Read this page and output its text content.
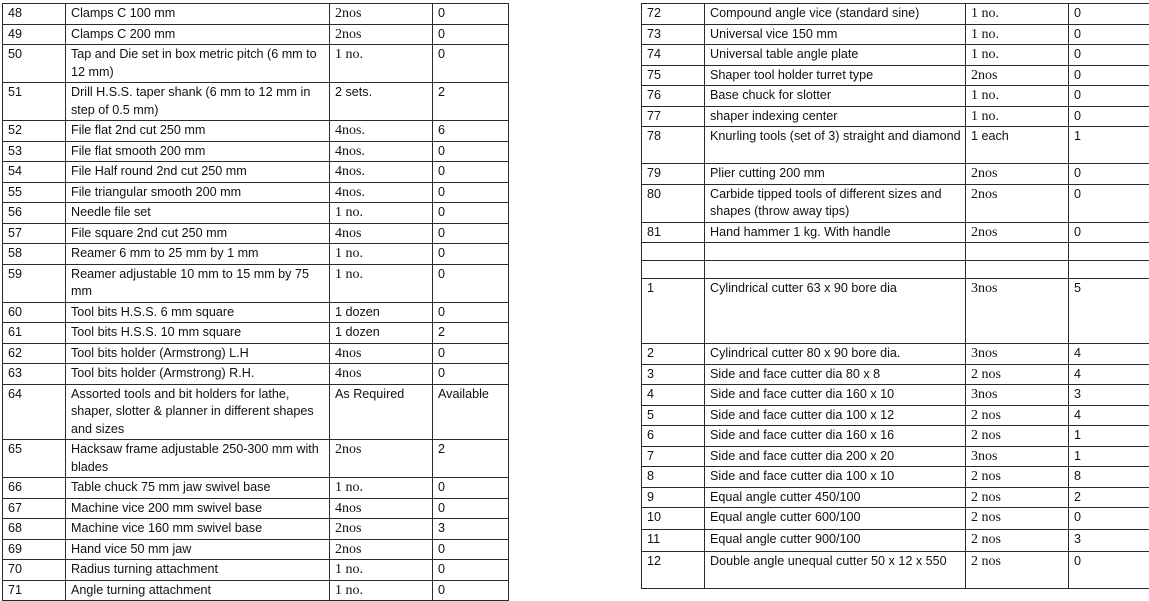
48	Clamps C 100 mm	2nos	0
49	Clamps C 200 mm	2nos	0
50	Tap and Die set in box metric pitch (6 mm to 12 mm)	1 no.	0
51	Drill H.S.S. taper shank (6 mm to 12 mm in step of 0.5 mm)	2 sets.	2
52	File flat 2nd cut 250 mm	4nos.	6
53	File flat smooth 200 mm	4nos.	0
54	File Half round 2nd cut 250 mm	4nos.	0
55	File triangular smooth 200 mm	4nos.	0
56	Needle file set	1 no.	0
57	File square 2nd cut 250 mm	4nos	0
58	Reamer 6 mm to 25 mm by 1 mm	1 no.	0
59	Reamer adjustable 10 mm to 15 mm by 75 mm	1 no.	0
60	Tool bits H.S.S. 6 mm square	1 dozen	0
61	Tool bits H.S.S. 10 mm square	1 dozen	2
62	Tool bits holder (Armstrong) L.H	4nos	0
63	Tool bits holder (Armstrong) R.H.	4nos	0
64	Assorted tools and bit holders for lathe, shaper, slotter & planner in different shapes and sizes	As Required	Available
65	Hacksaw frame adjustable 250-300 mm with blades	2nos	2
66	Table chuck 75 mm jaw swivel base	1 no.	0
67	Machine vice 200 mm swivel base	4nos	0
68	Machine vice 160 mm swivel base	2nos	3
69	Hand vice 50 mm jaw	2nos	0
70	Radius turning attachment	1 no.	0
71	Angle turning attachment	1 no.	0
72	Compound angle vice (standard sine)	1 no.	0
73	Universal vice 150 mm	1 no.	0
74	Universal table angle plate	1 no.	0
75	Shaper tool holder turret type	2nos	0
76	Base chuck for slotter	1 no.	0
77	shaper indexing center	1 no.	0
78	Knurling tools (set of 3) straight and diamond	1 each	1
79	Plier cutting 200 mm	2nos	0
80	Carbide tipped tools of different sizes and shapes (throw away tips)	2nos	0
81	Hand hammer 1 kg. With handle	2nos	0

1	Cylindrical cutter 63 x 90 bore dia	3nos	5
2	Cylindrical cutter 80 x 90 bore dia.	3nos	4
3	Side and face cutter dia 80 x 8	2 nos	4
4	Side and face cutter dia 160 x 10	3nos	3
5	Side and face cutter dia 100 x 12	2 nos	4
6	Side and face cutter dia 160 x 16	2 nos	1
7	Side and face cutter dia 200 x 20	3nos	1
8	Side and face cutter dia 100 x 10	2 nos	8
9	Equal angle cutter 450/100	2 nos	2
10	Equal angle cutter 600/100	2 nos	0
11	Equal angle cutter 900/100	2 nos	3
12	Double angle unequal cutter 50 x 12 x 550	2 nos	0
